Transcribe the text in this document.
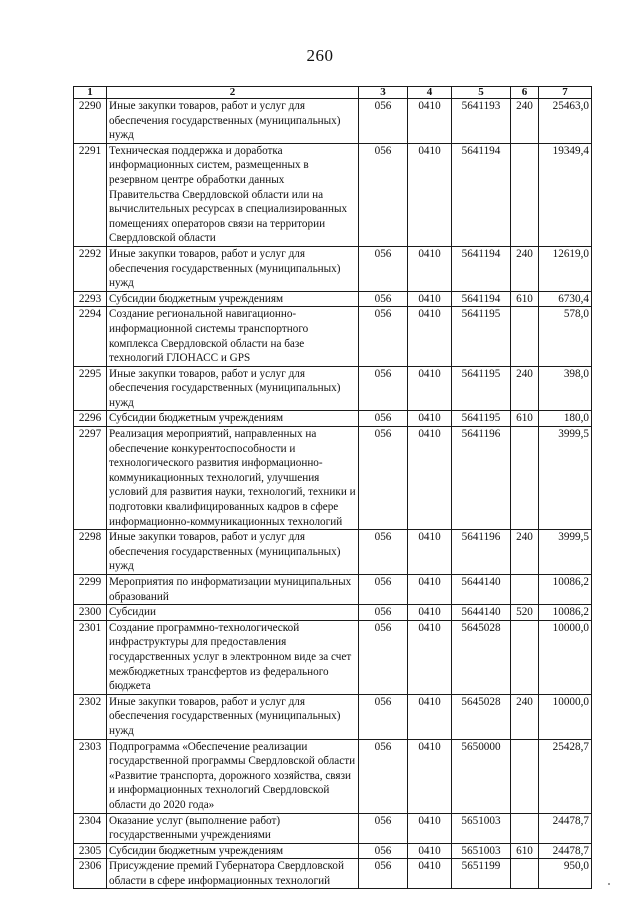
260
1	2	3	4	5	6	7
2290	Иные закупки товаров, работ и услуг для обеспечения государственных (муниципальных) нужд	056	0410	5641193	240	25463,0
2291	Техническая поддержка и доработка информационных систем, размещенных в резервном центре обработки данных Правительства Свердловской области или на вычислительных ресурсах в специализированных помещениях операторов связи на территории Свердловской области	056	0410	5641194		19349,4
2292	Иные закупки товаров, работ и услуг для обеспечения государственных (муниципальных) нужд	056	0410	5641194	240	12619,0
2293	Субсидии бюджетным учреждениям	056	0410	5641194	610	6730,4
2294	Создание региональной навигационно-информационной системы транспортного комплекса Свердловской области на базе технологий ГЛОНАСС и GPS	056	0410	5641195		578,0
2295	Иные закупки товаров, работ и услуг для обеспечения государственных (муниципальных) нужд	056	0410	5641195	240	398,0
2296	Субсидии бюджетным учреждениям	056	0410	5641195	610	180,0
2297	Реализация мероприятий, направленных на обеспечение конкурентоспособности и технологического развития информационно-коммуникационных технологий, улучшения условий для развития науки, технологий, техники и подготовки квалифицированных кадров в сфере информационно-коммуникационных технологий	056	0410	5641196		3999,5
2298	Иные закупки товаров, работ и услуг для обеспечения государственных (муниципальных) нужд	056	0410	5641196	240	3999,5
2299	Мероприятия по информатизации муниципальных образований	056	0410	5644140		10086,2
2300	Субсидии	056	0410	5644140	520	10086,2
2301	Создание программно-технологической инфраструктуры для предоставления государственных услуг в электронном виде за счет межбюджетных трансфертов из федерального бюджета	056	0410	5645028		10000,0
2302	Иные закупки товаров, работ и услуг для обеспечения государственных (муниципальных) нужд	056	0410	5645028	240	10000,0
2303	Подпрограмма «Обеспечение реализации государственной программы Свердловской области «Развитие транспорта, дорожного хозяйства, связи и информационных технологий Свердловской области до 2020 года»	056	0410	5650000		25428,7
2304	Оказание услуг (выполнение работ) государственными учреждениями	056	0410	5651003		24478,7
2305	Субсидии бюджетным учреждениям	056	0410	5651003	610	24478,7
2306	Присуждение премий Губернатора Свердловской области в сфере информационных технологий	056	0410	5651199		950,0
